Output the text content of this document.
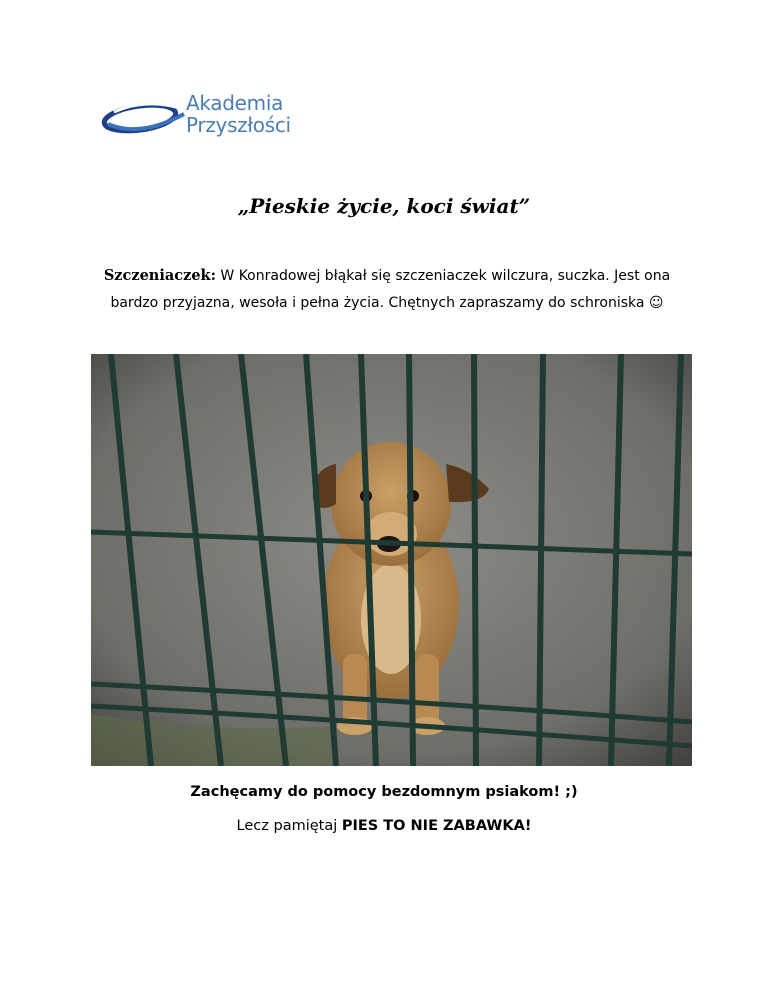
Akademia
Przyszłości
„Pieskie życie, koci świat”
Szczeniaczek: W Konradowej błąkał się szczeniaczek wilczura, suczka. Jest ona bardzo przyjazna, wesoła i pełna życia. Chętnych zapraszamy do schroniska ☺
Zachęcamy do pomocy bezdomnym psiakom! ;)
Lecz pamiętaj PIES TO NIE ZABAWKA!
